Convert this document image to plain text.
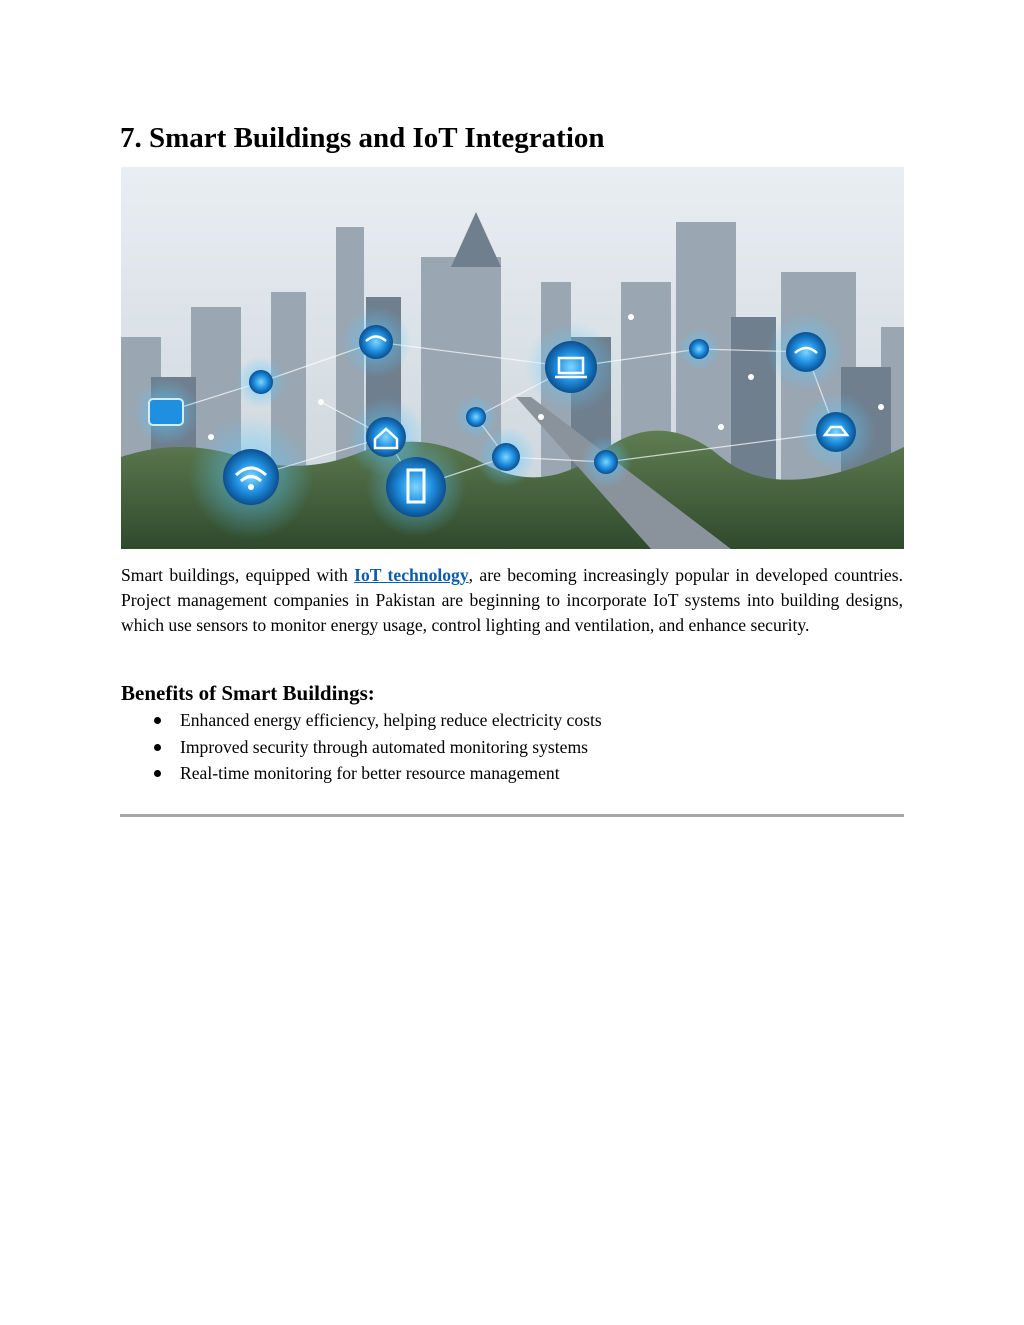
7. Smart Buildings and IoT Integration

Smart buildings, equipped with IoT technology, are becoming increasingly popular in developed countries. Project management companies in Pakistan are beginning to incorporate IoT systems into building designs, which use sensors to monitor energy usage, control lighting and ventilation, and enhance security.

Benefits of Smart Buildings:
Enhanced energy efficiency, helping reduce electricity costs
Improved security through automated monitoring systems
Real-time monitoring for better resource management
